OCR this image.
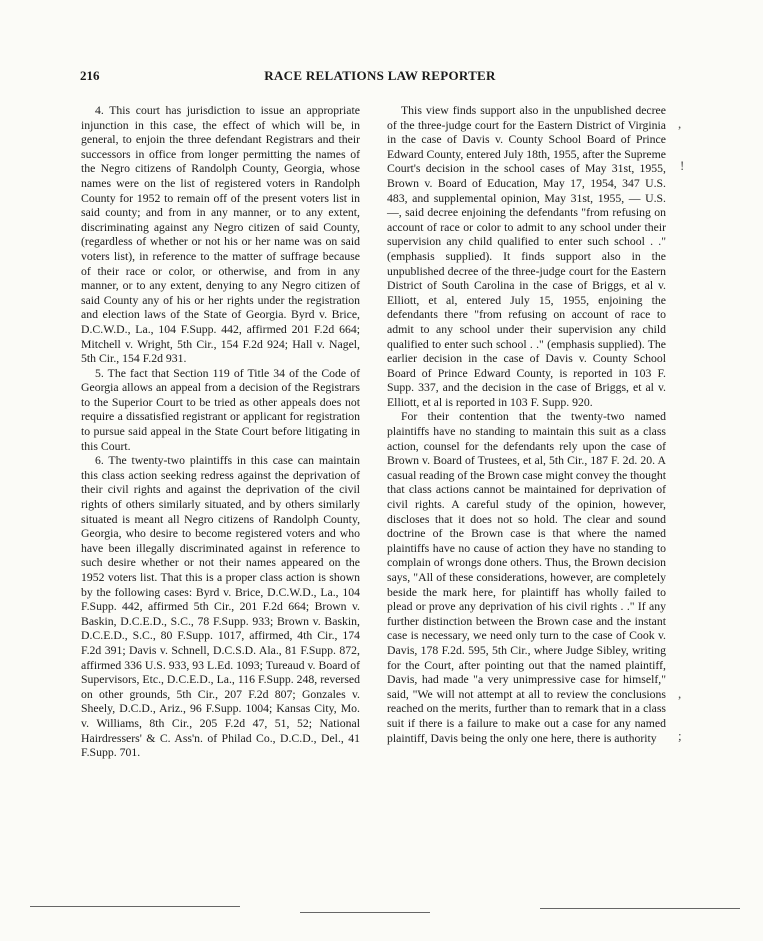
216	RACE RELATIONS LAW REPORTER

4. This court has jurisdiction to issue an appropriate injunction in this case, the effect of which will be, in general, to enjoin the three defendant Registrars and their successors in office from longer permitting the names of the Negro citizens of Randolph County, Georgia, whose names were on the list of registered voters in Randolph County for 1952 to remain off of the present voters list in said county; and from in any manner, or to any extent, discriminating against any Negro citizen of said County, (regardless of whether or not his or her name was on said voters list), in reference to the matter of suffrage because of their race or color, or otherwise, and from in any manner, or to any extent, denying to any Negro citizen of said County any of his or her rights under the registration and election laws of the State of Georgia. Byrd v. Brice, D.C.W.D., La., 104 F.Supp. 442, affirmed 201 F.2d 664; Mitchell v. Wright, 5th Cir., 154 F.2d 924; Hall v. Nagel, 5th Cir., 154 F.2d 931.

5. The fact that Section 119 of Title 34 of the Code of Georgia allows an appeal from a decision of the Registrars to the Superior Court to be tried as other appeals does not require a dissatisfied registrant or applicant for registration to pursue said appeal in the State Court before litigating in this Court.

6. The twenty-two plaintiffs in this case can maintain this class action seeking redress against the deprivation of their civil rights and against the deprivation of the civil rights of others similarly situated, and by others similarly situated is meant all Negro citizens of Randolph County, Georgia, who desire to become registered voters and who have been illegally discriminated against in reference to such desire whether or not their names appeared on the 1952 voters list. That this is a proper class action is shown by the following cases: Byrd v. Brice, D.C.W.D., La., 104 F.Supp. 442, affirmed 5th Cir., 201 F.2d 664; Brown v. Baskin, D.C.E.D., S.C., 78 F.Supp. 933; Brown v. Baskin, D.C.E.D., S.C., 80 F.Supp. 1017, affirmed, 4th Cir., 174 F.2d 391; Davis v. Schnell, D.C.S.D. Ala., 81 F.Supp. 872, affirmed 336 U.S. 933, 93 L.Ed. 1093; Tureaud v. Board of Supervisors, Etc., D.C.E.D., La., 116 F.Supp. 248, reversed on other grounds, 5th Cir., 207 F.2d 807; Gonzales v. Sheely, D.C.D., Ariz., 96 F.Supp. 1004; Kansas City, Mo. v. Williams, 8th Cir., 205 F.2d 47, 51, 52; National Hairdressers' & C. Ass'n. of Philad Co., D.C.D., Del., 41 F.Supp. 701.

This view finds support also in the unpublished decree of the three-judge court for the Eastern District of Virginia in the case of Davis v. County School Board of Prince Edward County, entered July 18th, 1955, after the Supreme Court's decision in the school cases of May 31st, 1955, Brown v. Board of Education, May 17, 1954, 347 U.S. 483, and supplemental opinion, May 31st, 1955, — U.S. —, said decree enjoining the defendants "from refusing on account of race or color to admit to any school under their supervision any child qualified to enter such school . ." (emphasis supplied). It finds support also in the unpublished decree of the three-judge court for the Eastern District of South Carolina in the case of Briggs, et al v. Elliott, et al, entered July 15, 1955, enjoining the defendants there "from refusing on account of race to admit to any school under their supervision any child qualified to enter such school . ." (emphasis supplied). The earlier decision in the case of Davis v. County School Board of Prince Edward County, is reported in 103 F. Supp. 337, and the decision in the case of Briggs, et al v. Elliott, et al is reported in 103 F. Supp. 920.

For their contention that the twenty-two named plaintiffs have no standing to maintain this suit as a class action, counsel for the defendants rely upon the case of Brown v. Board of Trustees, et al, 5th Cir., 187 F. 2d. 20. A casual reading of the Brown case might convey the thought that class actions cannot be maintained for deprivation of civil rights. A careful study of the opinion, however, discloses that it does not so hold. The clear and sound doctrine of the Brown case is that where the named plaintiffs have no cause of action they have no standing to complain of wrongs done others. Thus, the Brown decision says, "All of these considerations, however, are completely beside the mark here, for plaintiff has wholly failed to plead or prove any deprivation of his civil rights . ." If any further distinction between the Brown case and the instant case is necessary, we need only turn to the case of Cook v. Davis, 178 F.2d. 595, 5th Cir., where Judge Sibley, writing for the Court, after pointing out that the named plaintiff, Davis, had made "a very unimpressive case for himself," said, "We will not attempt at all to review the conclusions reached on the merits, further than to remark that in a class suit if there is a failure to make out a case for any named plaintiff, Davis being the only one here, there is authority

,
!
,
;
